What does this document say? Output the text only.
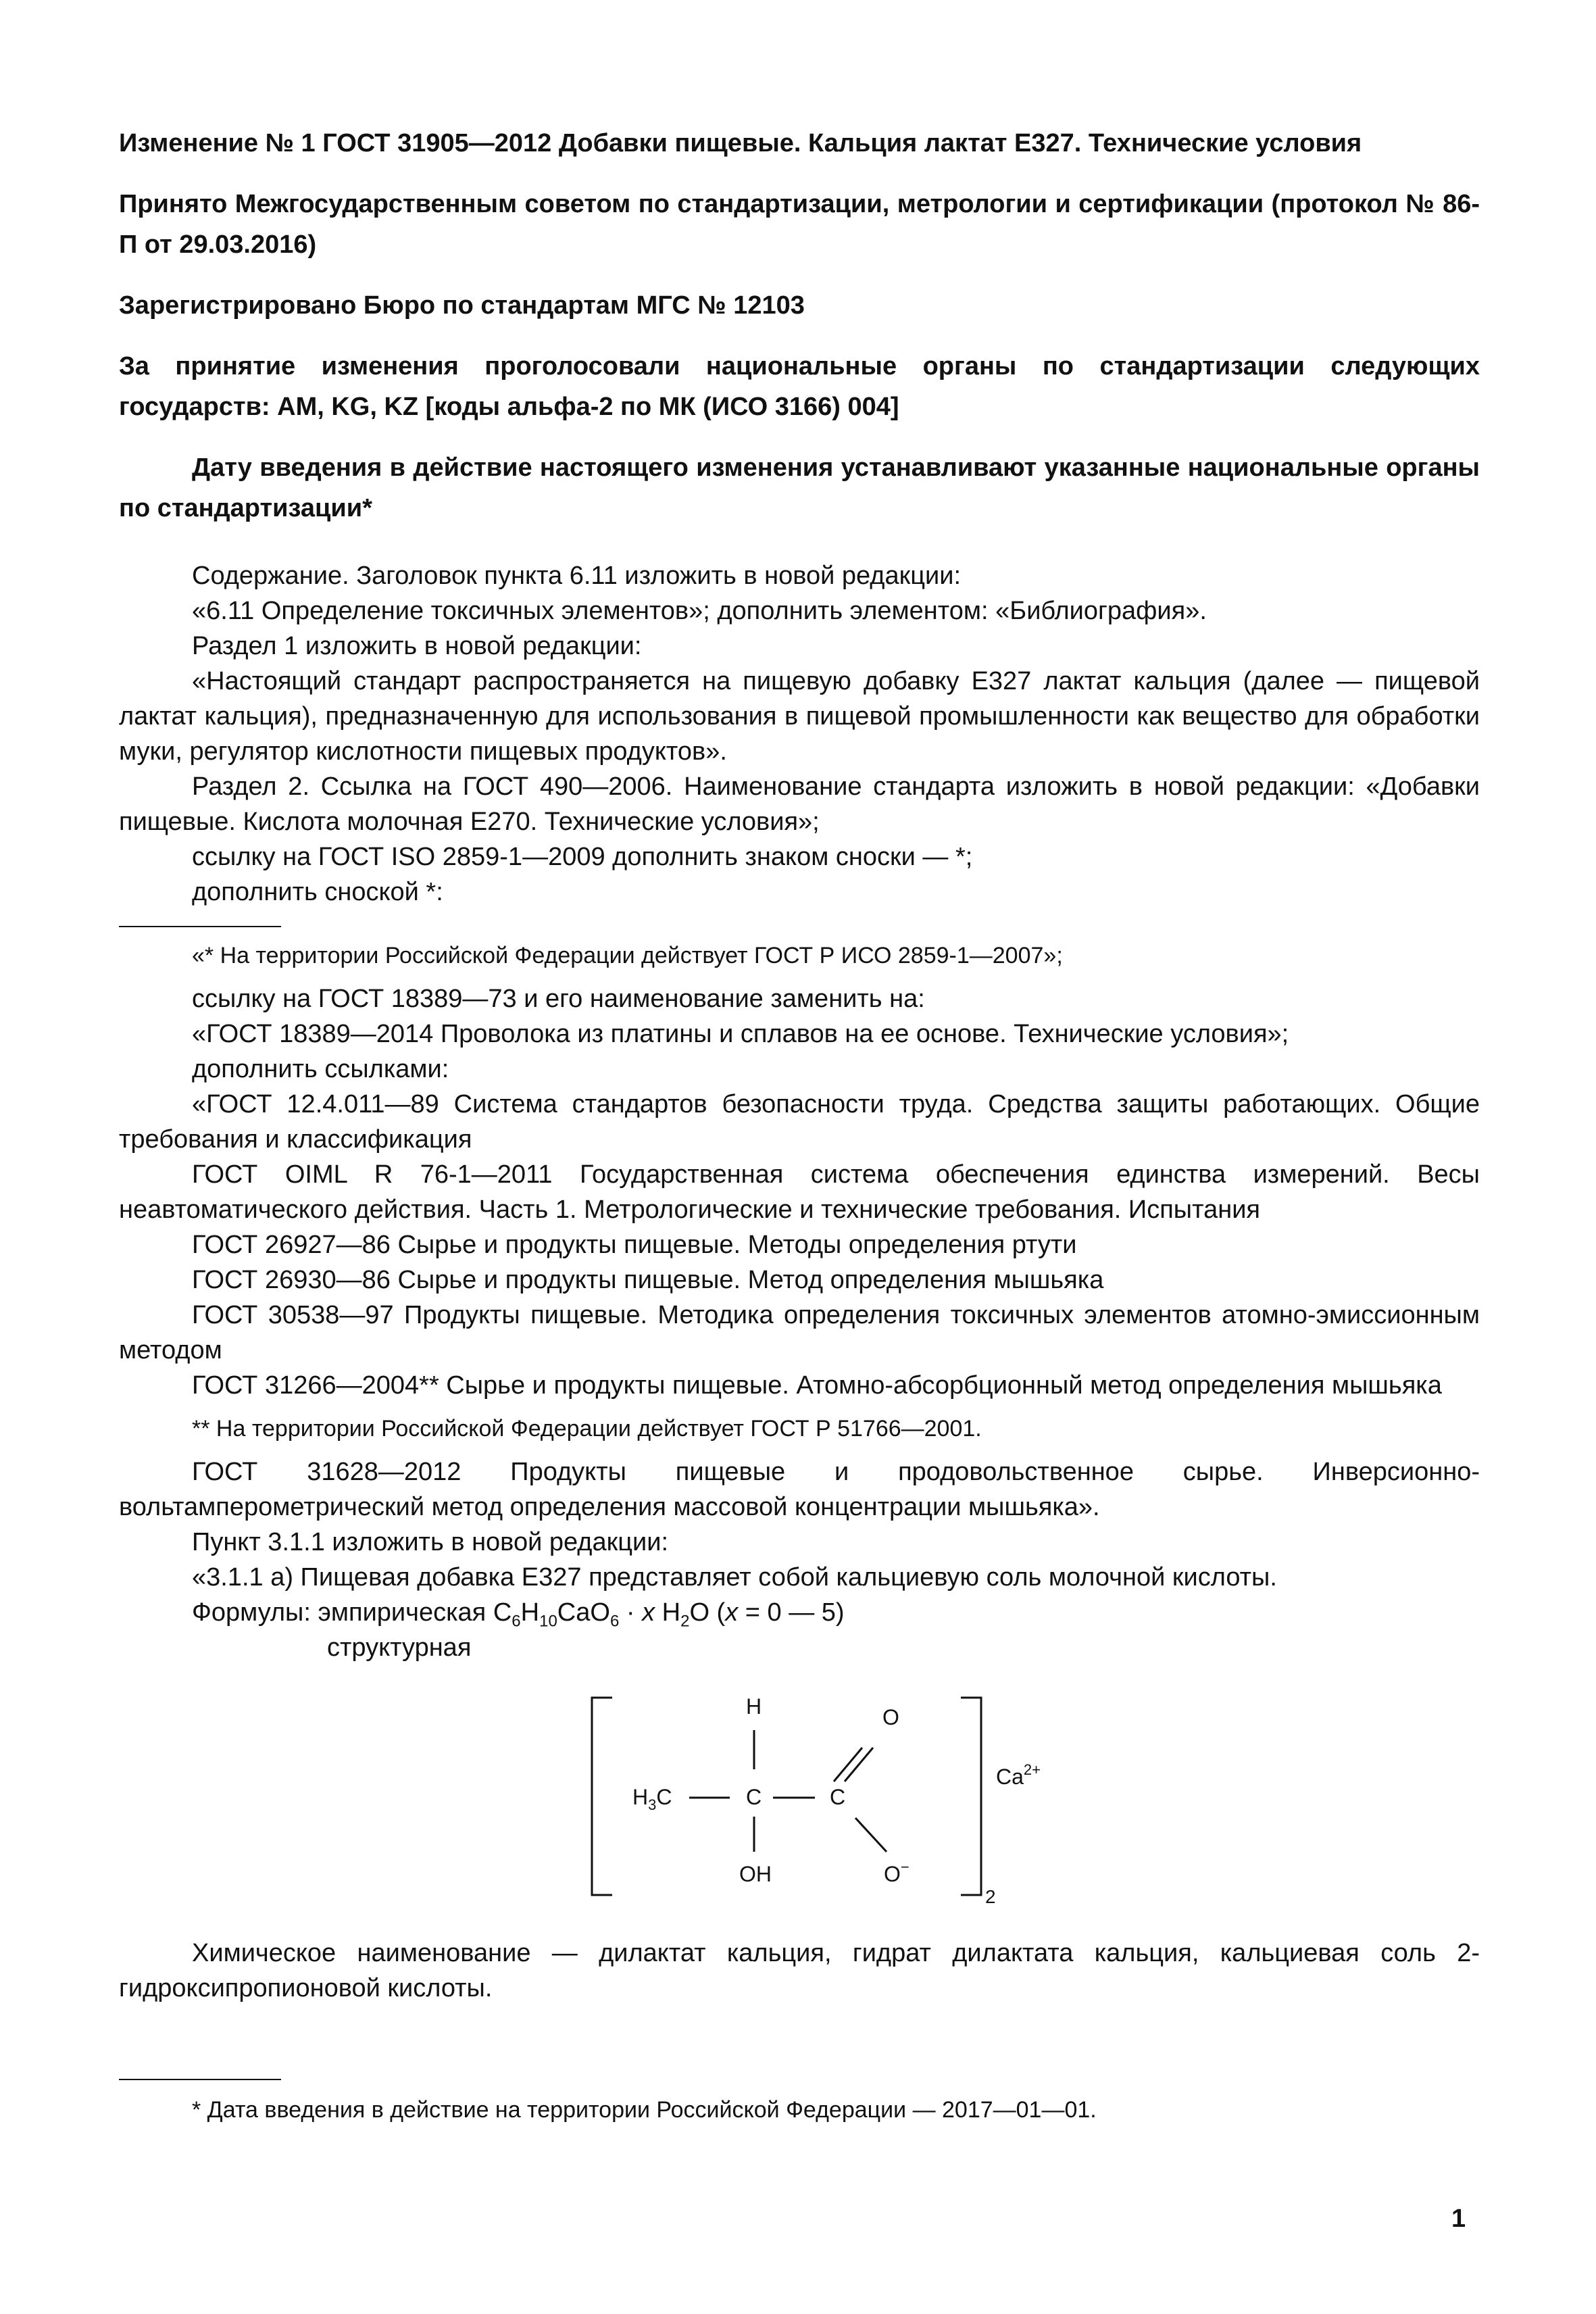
Изменение № 1 ГОСТ 31905—2012 Добавки пищевые. Кальция лактат E327. Технические условия

Принято Межгосударственным советом по стандартизации, метрологии и сертификации (протокол № 86-П от 29.03.2016)

Зарегистрировано Бюро по стандартам МГС № 12103

За принятие изменения проголосовали национальные органы по стандартизации следующих государств: AM, KG, KZ [коды альфа-2 по МК (ИСО 3166) 004]

Дату введения в действие настоящего изменения устанавливают указанные национальные органы по стандартизации*

Содержание. Заголовок пункта 6.11 изложить в новой редакции:

«6.11 Определение токсичных элементов»; дополнить элементом: «Библиография».

Раздел 1 изложить в новой редакции:

«Настоящий стандарт распространяется на пищевую добавку E327 лактат кальция (далее — пищевой лактат кальция), предназначенную для использования в пищевой промышленности как вещество для обработки муки, регулятор кислотности пищевых продуктов».

Раздел 2. Ссылка на ГОСТ 490—2006. Наименование стандарта изложить в новой редакции: «Добавки пищевые. Кислота молочная E270. Технические условия»;

ссылку на ГОСТ ISO 2859-1—2009 дополнить знаком сноски — *;

дополнить сноской *:

«* На территории Российской Федерации действует ГОСТ Р ИСО 2859-1—2007»;

ссылку на ГОСТ 18389—73 и его наименование заменить на:

«ГОСТ 18389—2014 Проволока из платины и сплавов на ее основе. Технические условия»;

дополнить ссылками:

«ГОСТ 12.4.011—89 Система стандартов безопасности труда. Средства защиты работающих. Общие требования и классификация

ГОСТ OIML R 76-1—2011 Государственная система обеспечения единства измерений. Весы неавтоматического действия. Часть 1. Метрологические и технические требования. Испытания

ГОСТ 26927—86 Сырье и продукты пищевые. Методы определения ртути

ГОСТ 26930—86 Сырье и продукты пищевые. Метод определения мышьяка

ГОСТ 30538—97 Продукты пищевые. Методика определения токсичных элементов атомно-эмиссионным методом

ГОСТ 31266—2004** Сырье и продукты пищевые. Атомно-абсорбционный метод определения мышьяка

** На территории Российской Федерации действует ГОСТ Р 51766—2001.

ГОСТ 31628—2012 Продукты пищевые и продовольственное сырье. Инверсионно-вольтамперометрический метод определения массовой концентрации мышьяка».

Пункт 3.1.1 изложить в новой редакции:

«3.1.1 а) Пищевая добавка E327 представляет собой кальциевую соль молочной кислоты.

Формулы: эмпирическая $C_6H_{10}CaO_6 \cdot x$ $H_2O$ (x = 0 — 5)

структурная

H	O
$H_3C$	C	C
OH	O−
$Ca^{2+}$
2

Химическое наименование — дилактат кальция, гидрат дилактата кальция, кальциевая соль 2-гидроксипропионовой кислоты.

* Дата введения в действие на территории Российской Федерации — 2017—01—01.
1
